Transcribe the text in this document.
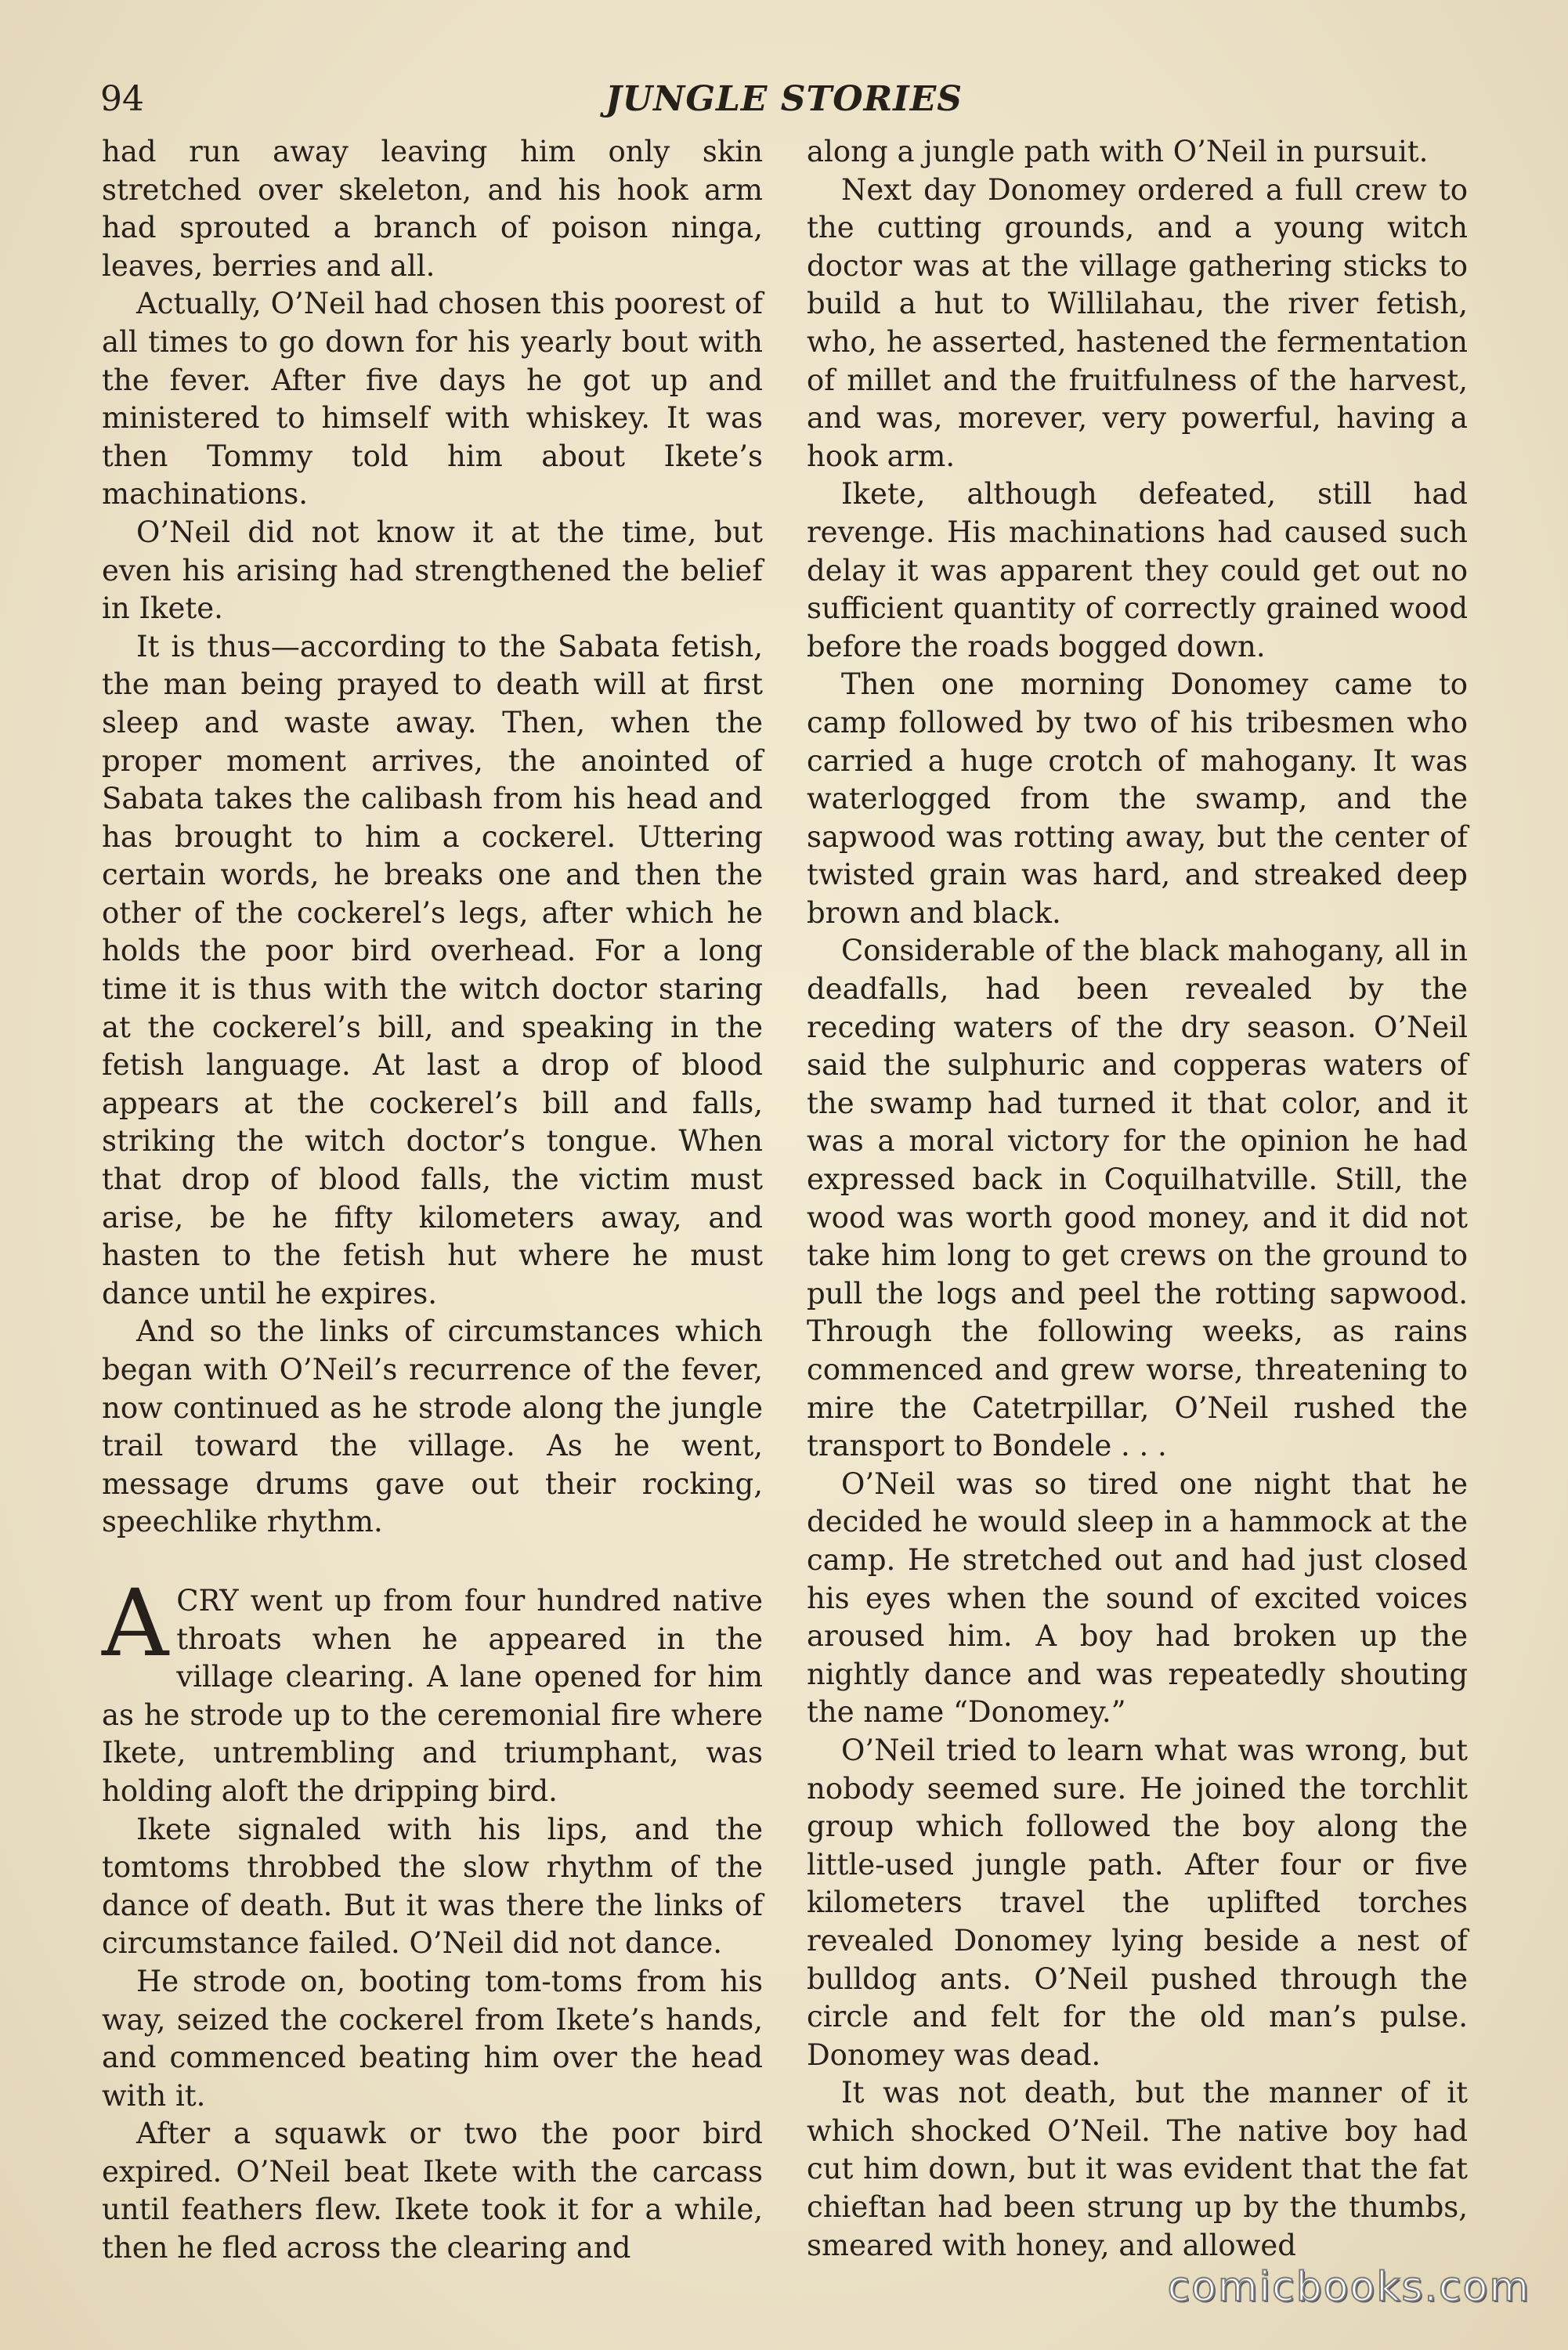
94	JUNGLE STORIES

had run away leaving him only skin stretched over skeleton, and his hook arm had sprouted a branch of poison ninga, leaves, berries and all.

Actually, O’Neil had chosen this poorest of all times to go down for his yearly bout with the fever. After five days he got up and ministered to himself with whiskey. It was then Tommy told him about Ikete’s machinations.

O’Neil did not know it at the time, but even his arising had strengthened the belief in Ikete.

It is thus—according to the Sabata fetish, the man being prayed to death will at first sleep and waste away. Then, when the proper moment arrives, the anointed of Sabata takes the calibash from his head and has brought to him a cockerel. Uttering certain words, he breaks one and then the other of the cockerel’s legs, after which he holds the poor bird overhead. For a long time it is thus with the witch doctor staring at the cockerel’s bill, and speaking in the fetish language. At last a drop of blood appears at the cockerel’s bill and falls, striking the witch doctor’s tongue. When that drop of blood falls, the victim must arise, be he fifty kilometers away, and hasten to the fetish hut where he must dance until he expires.

And so the links of circumstances which began with O’Neil’s recurrence of the fever, now continued as he strode along the jungle trail toward the village. As he went, message drums gave out their rocking, speechlike rhythm.

ACRY went up from four hundred native throats when he appeared in the village clearing. A lane opened for him as he strode up to the ceremonial fire where Ikete, untrembling and triumphant, was holding aloft the dripping bird.

Ikete signaled with his lips, and the tomtoms throbbed the slow rhythm of the dance of death. But it was there the links of circumstance failed. O’Neil did not dance.

He strode on, booting tom-toms from his way, seized the cockerel from Ikete’s hands, and commenced beating him over the head with it.

After a squawk or two the poor bird expired. O’Neil beat Ikete with the carcass until feathers flew. Ikete took it for a while, then he fled across the clearing and

along a jungle path with O’Neil in pursuit.

Next day Donomey ordered a full crew to the cutting grounds, and a young witch doctor was at the village gathering sticks to build a hut to Willilahau, the river fetish, who, he asserted, hastened the fermentation of millet and the fruitfulness of the harvest, and was, morever, very powerful, having a hook arm.

Ikete, although defeated, still had revenge. His machinations had caused such delay it was apparent they could get out no sufficient quantity of correctly grained wood before the roads bogged down.

Then one morning Donomey came to camp followed by two of his tribesmen who carried a huge crotch of mahogany. It was waterlogged from the swamp, and the sapwood was rotting away, but the center of twisted grain was hard, and streaked deep brown and black.

Considerable of the black mahogany, all in deadfalls, had been revealed by the receding waters of the dry season. O’Neil said the sulphuric and copperas waters of the swamp had turned it that color, and it was a moral victory for the opinion he had expressed back in Coquilhatville. Still, the wood was worth good money, and it did not take him long to get crews on the ground to pull the logs and peel the rotting sapwood. Through the following weeks, as rains commenced and grew worse, threatening to mire the Catetrpillar, O’Neil rushed the transport to Bondele . . .

O’Neil was so tired one night that he decided he would sleep in a hammock at the camp. He stretched out and had just closed his eyes when the sound of excited voices aroused him. A boy had broken up the nightly dance and was repeatedly shouting the name “Donomey.”

O’Neil tried to learn what was wrong, but nobody seemed sure. He joined the torchlit group which followed the boy along the little-used jungle path. After four or five kilometers travel the uplifted torches revealed Donomey lying beside a nest of bulldog ants. O’Neil pushed through the circle and felt for the old man’s pulse. Donomey was dead.

It was not death, but the manner of it which shocked O’Neil. The native boy had cut him down, but it was evident that the fat chieftan had been strung up by the thumbs, smeared with honey, and allowed

comicbooks.com
